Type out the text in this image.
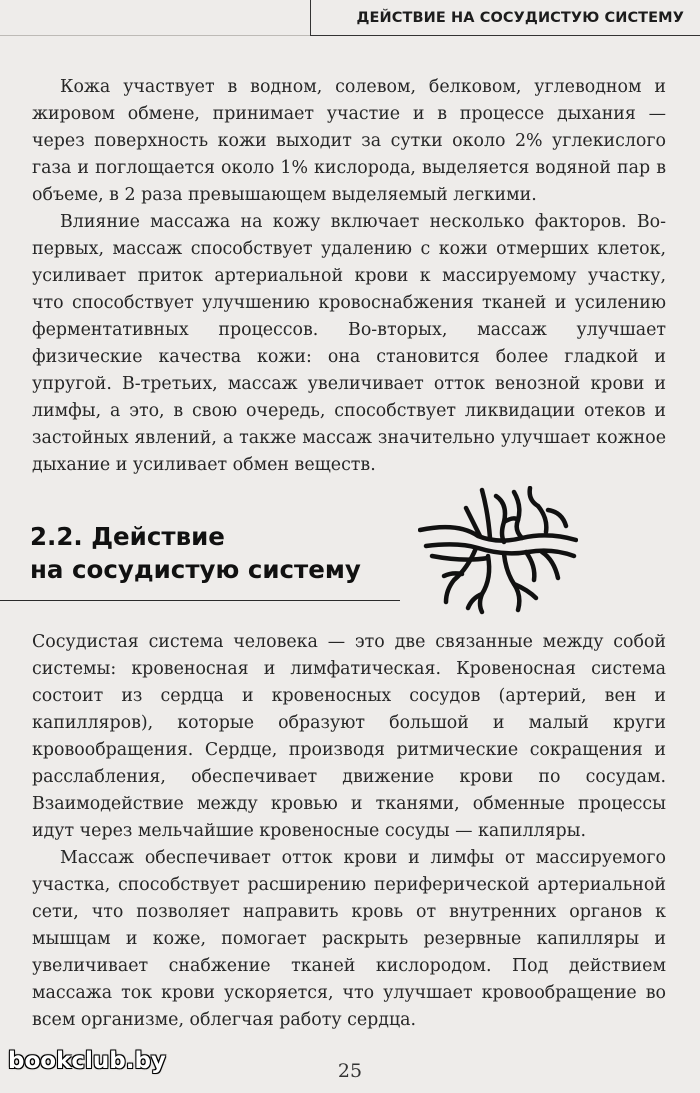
ДЕЙСТВИЕ НА СОСУДИСТУЮ СИСТЕМУ

Кожа участвует в водном, солевом, белковом, углеводном и жировом обмене, принимает участие и в процессе дыхания — через поверхность кожи выходит за сутки около 2% углекислого газа и поглощается около 1% кислорода, выделяется водяной пар в объеме, в 2 раза превышающем выделяемый легкими.

Влияние массажа на кожу включает несколько факторов. Во-первых, массаж способствует удалению с кожи отмерших клеток, усиливает приток артериальной крови к массируемому участку, что способствует улучшению кровоснабжения тканей и усилению ферментативных процессов. Во-вторых, массаж улучшает физические качества кожи: она становится более гладкой и упругой. В-третьих, массаж увеличивает отток венозной крови и лимфы, а это, в свою очередь, способствует ликвидации отеков и застойных явлений, а также массаж значительно улучшает кожное дыхание и усиливает обмен веществ.

2.2. Действие
на сосудистую систему

Сосудистая система человека — это две связанные между собой системы: кровеносная и лимфатическая. Кровеносная система состоит из сердца и кровеносных сосудов (артерий, вен и капилляров), которые образуют большой и малый круги кровообращения. Сердце, производя ритмические сокращения и расслабления, обеспечивает движение крови по сосудам. Взаимодействие между кровью и тканями, обменные процессы идут через мельчайшие кровеносные сосуды — капилляры.

Массаж обеспечивает отток крови и лимфы от массируемого участка, способствует расширению периферической артериальной сети, что позволяет направить кровь от внутренних органов к мышцам и коже, помогает раскрыть резервные капилляры и увеличивает снабжение тканей кислородом. Под действием массажа ток крови ускоряется, что улучшает кровообращение во всем организме, облегчая работу сердца.

bookclub.by	25
